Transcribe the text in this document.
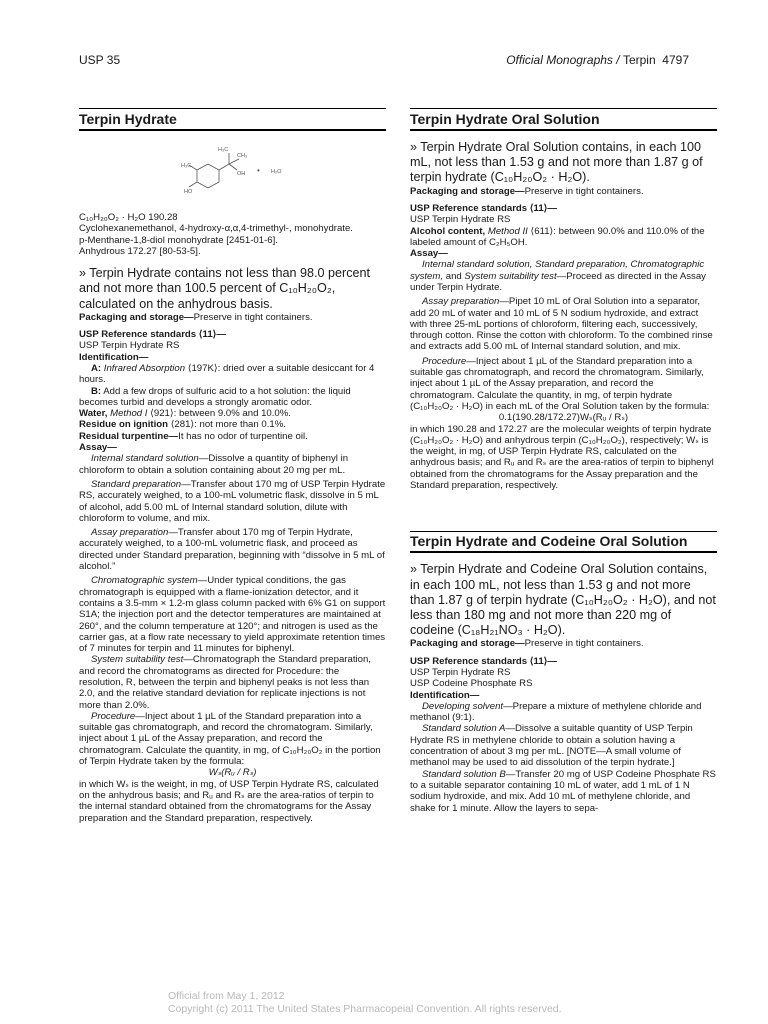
USP 35	Official Monographs / Terpin 4797
Terpin Hydrate
H₃C
CH₃
OH
H₃C
HO
• H₂O

C₁₀H₂₀O₂ · H₂O 190.28

Cyclohexanemethanol, 4-hydroxy-α,α,4-trimethyl-, monohydrate.

p-Menthane-1,8-diol monohydrate [2451-01-6].

Anhydrous 172.27 [80-53-5].

» Terpin Hydrate contains not less than 98.0 percent and not more than 100.5 percent of C₁₀H₂₀O₂, calculated on the anhydrous basis.

Packaging and storage—Preserve in tight containers.

USP Reference standards ⟨11⟩—

USP Terpin Hydrate RS

Identification—

A: Infrared Absorption ⟨197K⟩: dried over a suitable desiccant for 4 hours.

B: Add a few drops of sulfuric acid to a hot solution: the liquid becomes turbid and develops a strongly aromatic odor.

Water, Method I ⟨921⟩: between 9.0% and 10.0%.

Residue on ignition ⟨281⟩: not more than 0.1%.

Residual turpentine—It has no odor of turpentine oil.

Assay—

Internal standard solution—Dissolve a quantity of biphenyl in chloroform to obtain a solution containing about 20 mg per mL.

Standard preparation—Transfer about 170 mg of USP Terpin Hydrate RS, accurately weighed, to a 100-mL volumetric flask, dissolve in 5 mL of alcohol, add 5.00 mL of Internal standard solution, dilute with chloroform to volume, and mix.

Assay preparation—Transfer about 170 mg of Terpin Hydrate, accurately weighed, to a 100-mL volumetric flask, and proceed as directed under Standard preparation, beginning with “dissolve in 5 mL of alcohol.”

Chromatographic system—Under typical conditions, the gas chromatograph is equipped with a flame-ionization detector, and it contains a 3.5-mm × 1.2-m glass column packed with 6% G1 on support S1A; the injection port and the detector temperatures are maintained at 260°, and the column temperature at 120°; and nitrogen is used as the carrier gas, at a flow rate necessary to yield approximate retention times of 7 minutes for terpin and 11 minutes for biphenyl.

System suitability test—Chromatograph the Standard preparation, and record the chromatograms as directed for Procedure: the resolution, R, between the terpin and biphenyl peaks is not less than 2.0, and the relative standard deviation for replicate injections is not more than 2.0%.

Procedure—Inject about 1 µL of the Standard preparation into a suitable gas chromatograph, and record the chromatogram. Similarly, inject about 1 µL of the Assay preparation, and record the chromatogram. Calculate the quantity, in mg, of C₁₀H₂₀O₂ in the portion of Terpin Hydrate taken by the formula:

Wₛ(Rᵤ / Rₛ)

in which Wₛ is the weight, in mg, of USP Terpin Hydrate RS, calculated on the anhydrous basis; and Rᵤ and Rₛ are the area-ratios of terpin to the internal standard obtained from the chromatograms for the Assay preparation and the Standard preparation, respectively.

Terpin Hydrate Oral Solution

» Terpin Hydrate Oral Solution contains, in each 100 mL, not less than 1.53 g and not more than 1.87 g of terpin hydrate (C₁₀H₂₀O₂ · H₂O).

Packaging and storage—Preserve in tight containers.

USP Reference standards ⟨11⟩—

USP Terpin Hydrate RS

Alcohol content, Method II ⟨611⟩: between 90.0% and 110.0% of the labeled amount of C₂H₅OH.

Assay—

Internal standard solution, Standard preparation, Chromatographic system, and System suitability test—Proceed as directed in the Assay under Terpin Hydrate.

Assay preparation—Pipet 10 mL of Oral Solution into a separator, add 20 mL of water and 10 mL of 5 N sodium hydroxide, and extract with three 25-mL portions of chloroform, filtering each, successively, through cotton. Rinse the cotton with chloroform. To the combined rinse and extracts add 5.00 mL of Internal standard solution, and mix.

Procedure—Inject about 1 µL of the Standard preparation into a suitable gas chromatograph, and record the chromatogram. Similarly, inject about 1 µL of the Assay preparation, and record the chromatogram. Calculate the quantity, in mg, of terpin hydrate (C₁₀H₂₀O₂ · H₂O) in each mL of the Oral Solution taken by the formula:

0.1(190.28/172.27)Wₛ(Rᵤ / Rₛ)

in which 190.28 and 172.27 are the molecular weights of terpin hydrate (C₁₀H₂₀O₂ · H₂O) and anhydrous terpin (C₁₀H₂₀O₂), respectively; Wₛ is the weight, in mg, of USP Terpin Hydrate RS, calculated on the anhydrous basis; and Rᵤ and Rₛ are the area-ratios of terpin to biphenyl obtained from the chromatograms for the Assay preparation and the Standard preparation, respectively.

Terpin Hydrate and Codeine Oral Solution

» Terpin Hydrate and Codeine Oral Solution contains, in each 100 mL, not less than 1.53 g and not more than 1.87 g of terpin hydrate (C₁₀H₂₀O₂ · H₂O), and not less than 180 mg and not more than 220 mg of codeine (C₁₈H₂₁NO₃ · H₂O).

Packaging and storage—Preserve in tight containers.

USP Reference standards ⟨11⟩—

USP Terpin Hydrate RS

USP Codeine Phosphate RS

Identification—

Developing solvent—Prepare a mixture of methylene chloride and methanol (9:1).

Standard solution A—Dissolve a suitable quantity of USP Terpin Hydrate RS in methylene chloride to obtain a solution having a concentration of about 3 mg per mL. [NOTE—A small volume of methanol may be used to aid dissolution of the terpin hydrate.]

Standard solution B—Transfer 20 mg of USP Codeine Phosphate RS to a suitable separator containing 10 mL of water, add 1 mL of 1 N sodium hydroxide, and mix. Add 10 mL of methylene chloride, and shake for 1 minute. Allow the layers to sepa-

Official from May 1, 2012
Copyright (c) 2011 The United States Pharmacopeial Convention. All rights reserved.
